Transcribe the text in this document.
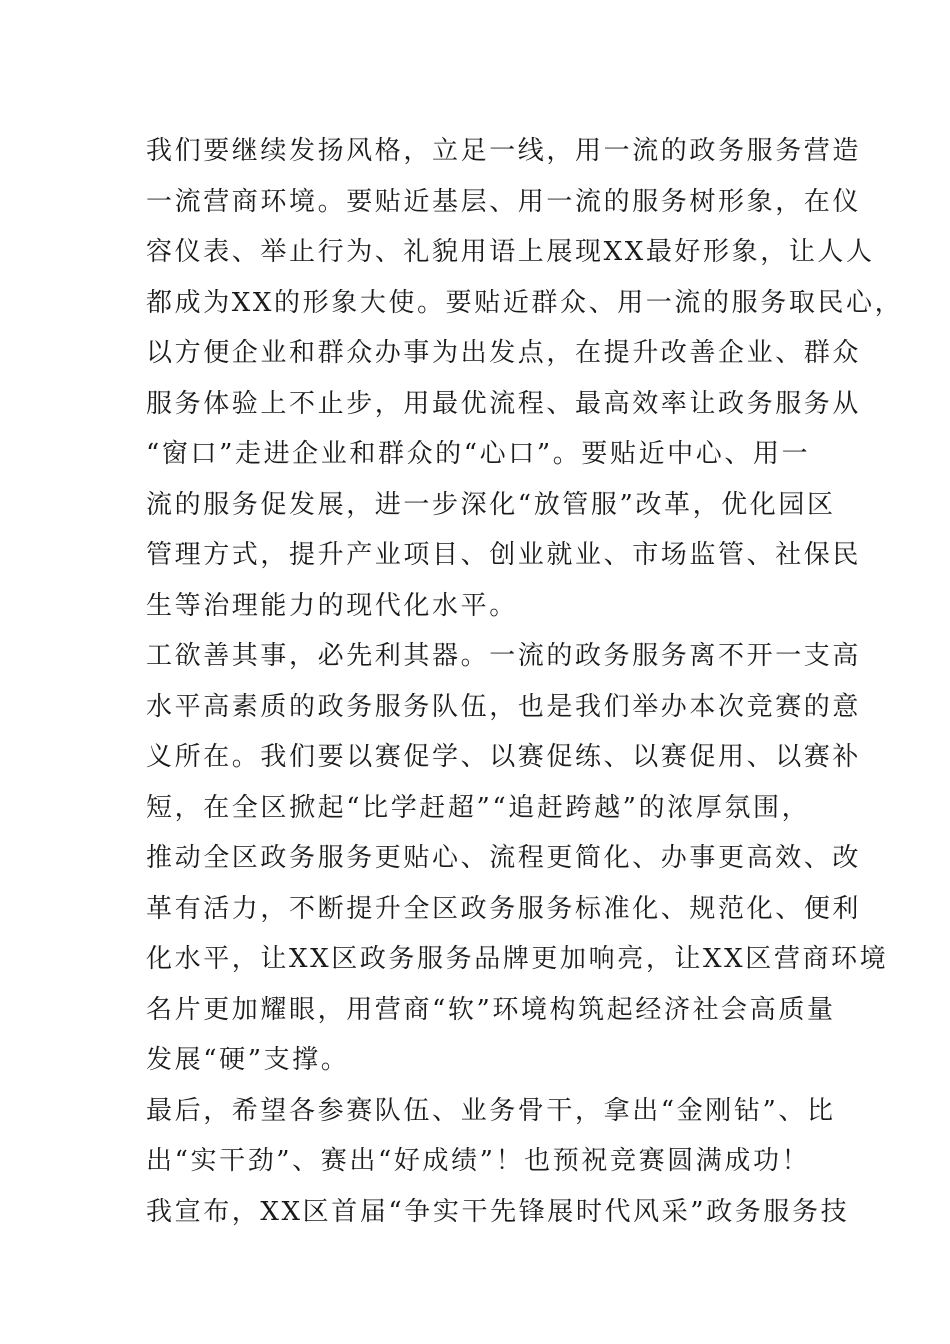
我们要继续发扬风格，立足一线，用一流的政务服务营造
一流营商环境。要贴近基层、用一流的服务树形象，在仪
容仪表、举止行为、礼貌用语上展现XX最好形象，让人人
都成为XX的形象大使。要贴近群众、用一流的服务取民心，
以方便企业和群众办事为出发点，在提升改善企业、群众
服务体验上不止步，用最优流程、最高效率让政务服务从
“窗口”走进企业和群众的“心口”。要贴近中心、用一
流的服务促发展，进一步深化“放管服”改革，优化园区
管理方式，提升产业项目、创业就业、市场监管、社保民
生等治理能力的现代化水平。
工欲善其事，必先利其器。一流的政务服务离不开一支高
水平高素质的政务服务队伍，也是我们举办本次竞赛的意
义所在。我们要以赛促学、以赛促练、以赛促用、以赛补
短，在全区掀起“比学赶超”“追赶跨越”的浓厚氛围，
推动全区政务服务更贴心、流程更简化、办事更高效、改
革有活力，不断提升全区政务服务标准化、规范化、便利
化水平，让XX区政务服务品牌更加响亮，让XX区营商环境
名片更加耀眼，用营商“软”环境构筑起经济社会高质量
发展“硬”支撑。
最后，希望各参赛队伍、业务骨干，拿出“金刚钻”、比
出“实干劲”、赛出“好成绩”！也预祝竞赛圆满成功！
我宣布，XX区首届“争实干先锋展时代风采”政务服务技
